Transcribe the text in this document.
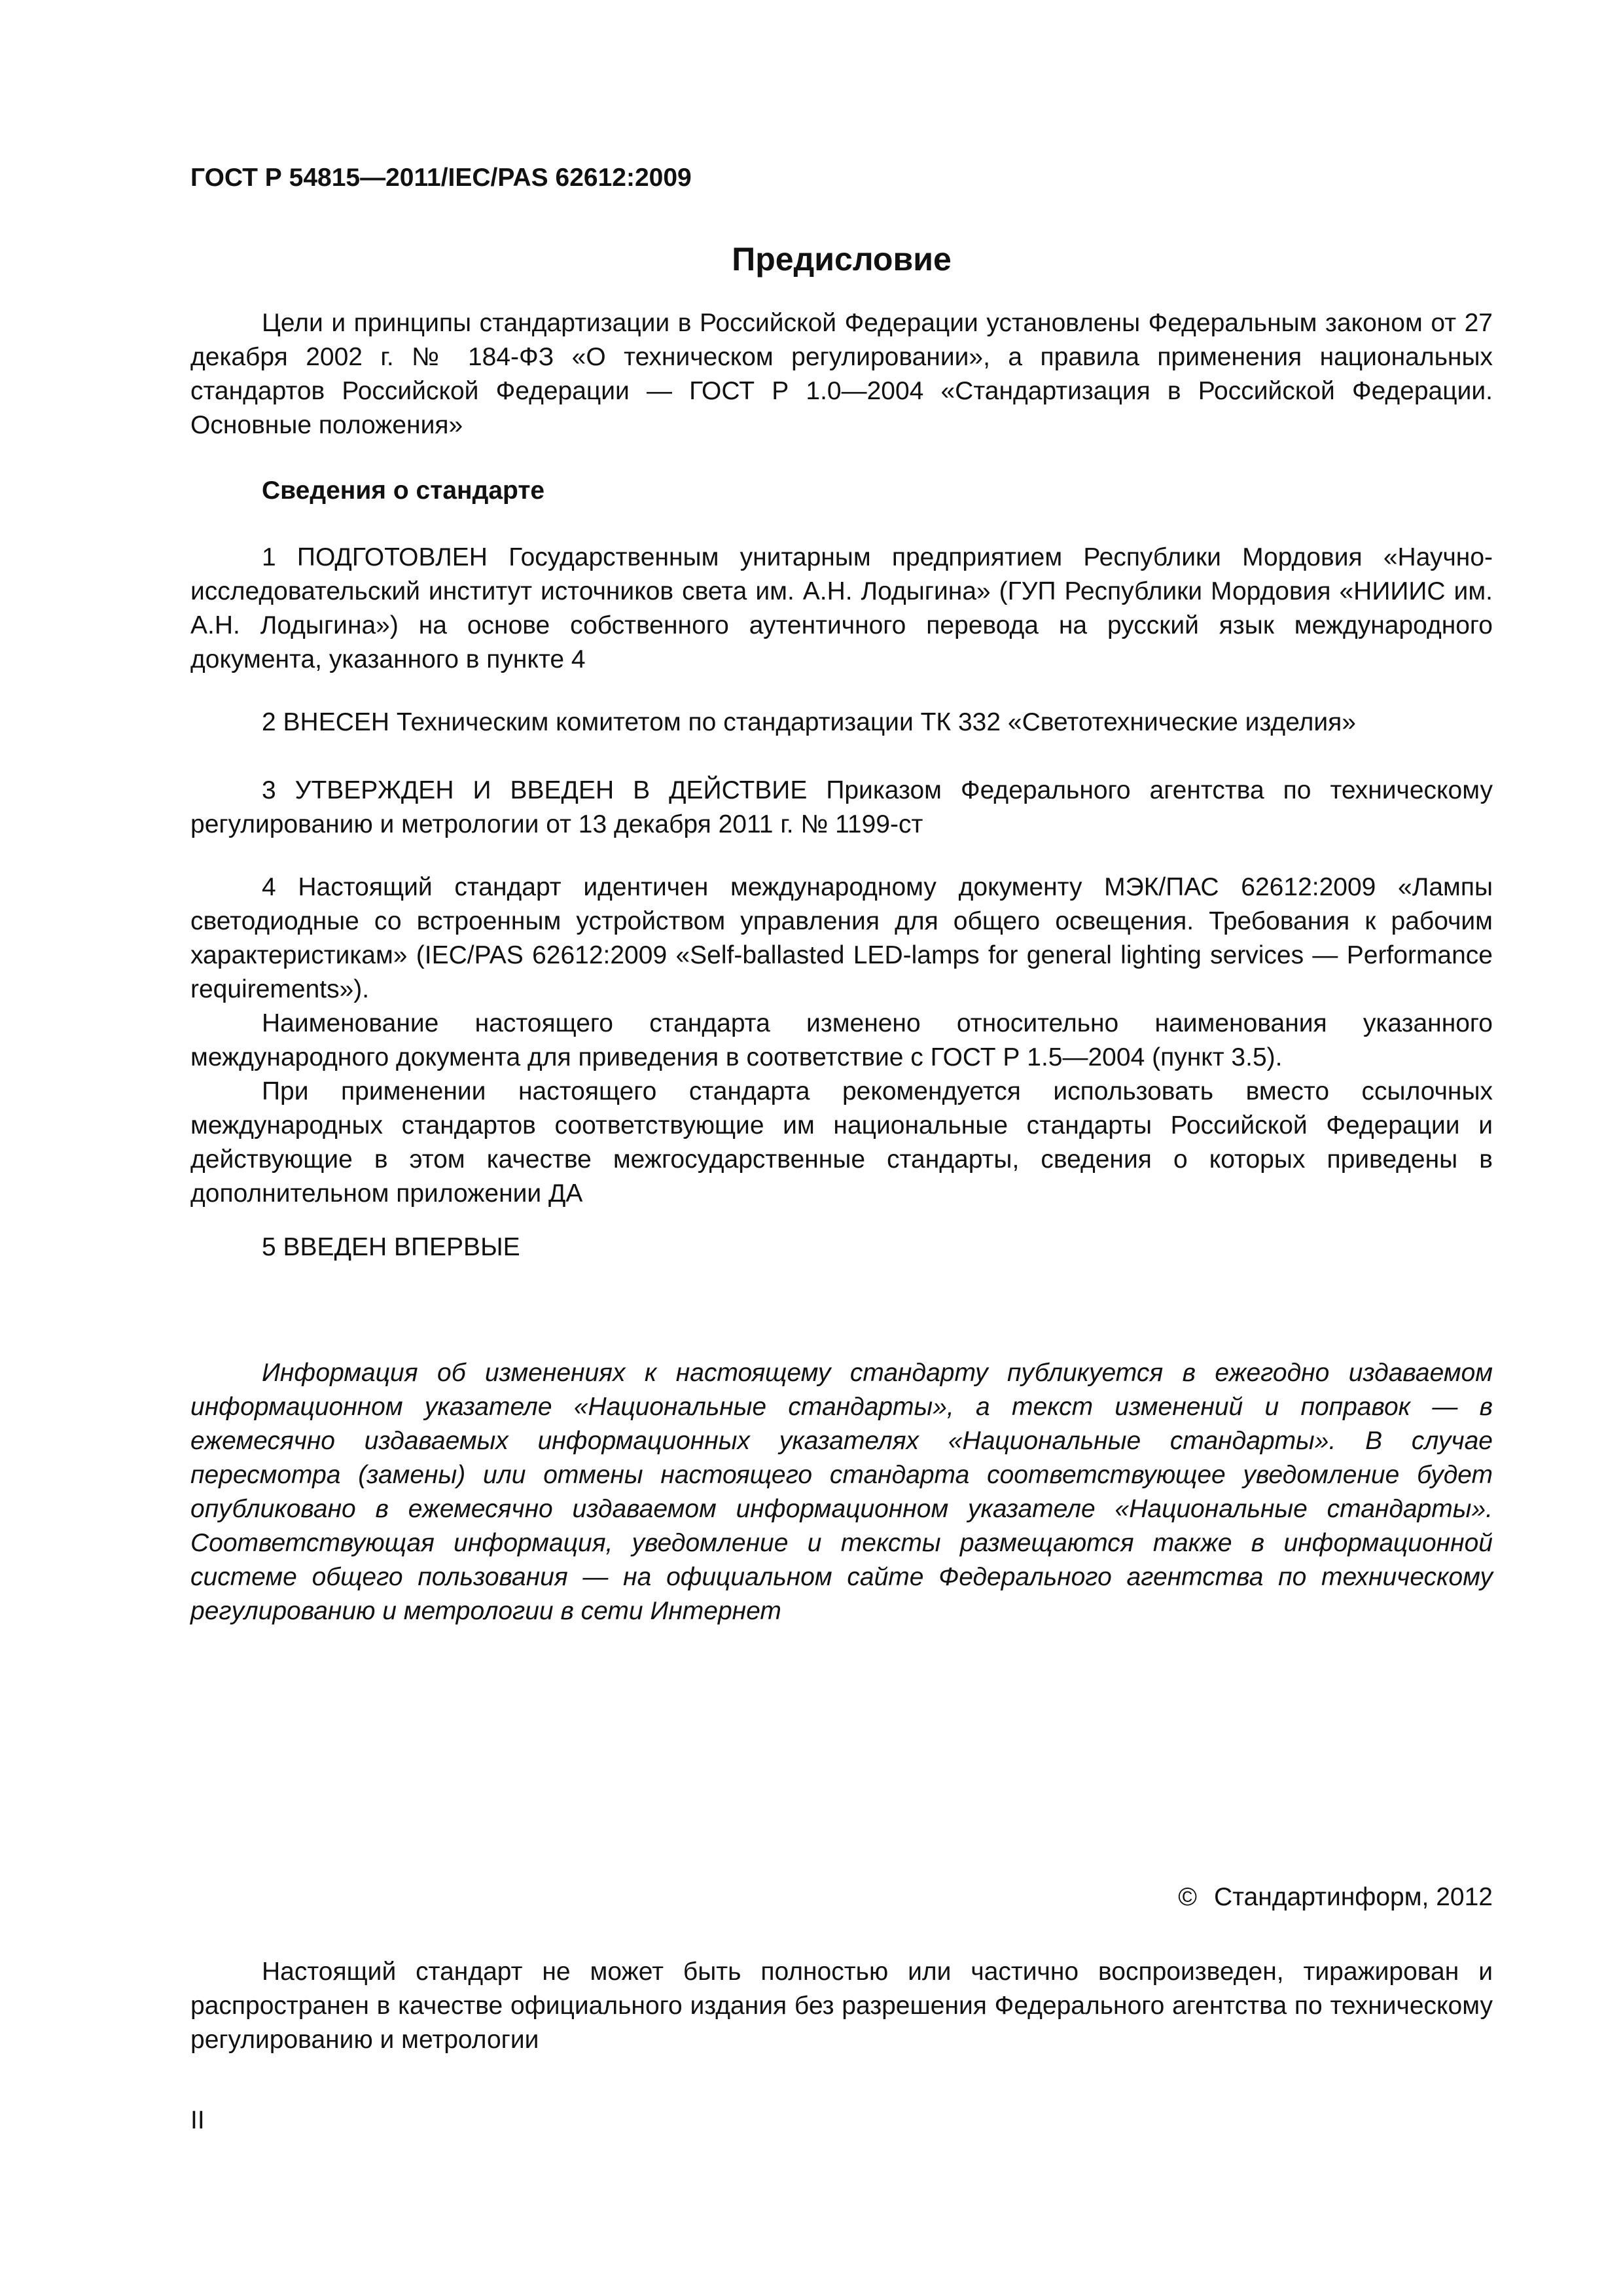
ГОСТ Р 54815—2011/IEC/PAS 62612:2009
Предисловие

Цели и принципы стандартизации в Российской Федерации установлены Федеральным законом от 27 декабря 2002 г. № 184-ФЗ «О техническом регулировании», а правила применения национальных стандартов Российской Федерации — ГОСТ Р 1.0—2004 «Стандартизация в Российской Федерации. Основные положения»

Сведения о стандарте

1 ПОДГОТОВЛЕН Государственным унитарным предприятием Республики Мордовия «Научно-исследовательский институт источников света им. А.Н. Лодыгина» (ГУП Республики Мордовия «НИИИС им. А.Н. Лодыгина») на основе собственного аутентичного перевода на русский язык международного документа, указанного в пункте 4

2 ВНЕСЕН Техническим комитетом по стандартизации ТК 332 «Светотехнические изделия»

3 УТВЕРЖДЕН И ВВЕДЕН В ДЕЙСТВИЕ Приказом Федерального агентства по техническому регулированию и метрологии от 13 декабря 2011 г. № 1199-ст

4 Настоящий стандарт идентичен международному документу МЭК/ПАС 62612:2009 «Лампы светодиодные со встроенным устройством управления для общего освещения. Требования к рабочим характеристикам» (IEC/PAS 62612:2009 «Self-ballasted LED-lamps for general lighting services — Performance requirements»).

Наименование настоящего стандарта изменено относительно наименования указанного международного документа для приведения в соответствие с ГОСТ Р 1.5—2004 (пункт 3.5).

При применении настоящего стандарта рекомендуется использовать вместо ссылочных международных стандартов соответствующие им национальные стандарты Российской Федерации и действующие в этом качестве межгосударственные стандарты, сведения о которых приведены в дополнительном приложении ДА

5 ВВЕДЕН ВПЕРВЫЕ

Информация об изменениях к настоящему стандарту публикуется в ежегодно издаваемом информационном указателе «Национальные стандарты», а текст изменений и поправок — в ежемесячно издаваемых информационных указателях «Национальные стандарты». В случае пересмотра (замены) или отмены настоящего стандарта соответствующее уведомление будет опубликовано в ежемесячно издаваемом информационном указателе «Национальные стандарты». Соответствующая информация, уведомление и тексты размещаются также в информационной системе общего пользования — на официальном сайте Федерального агентства по техническому регулированию и метрологии в сети Интернет

© Стандартинформ, 2012

Настоящий стандарт не может быть полностью или частично воспроизведен, тиражирован и распространен в качестве официального издания без разрешения Федерального агентства по техническому регулированию и метрологии

II
